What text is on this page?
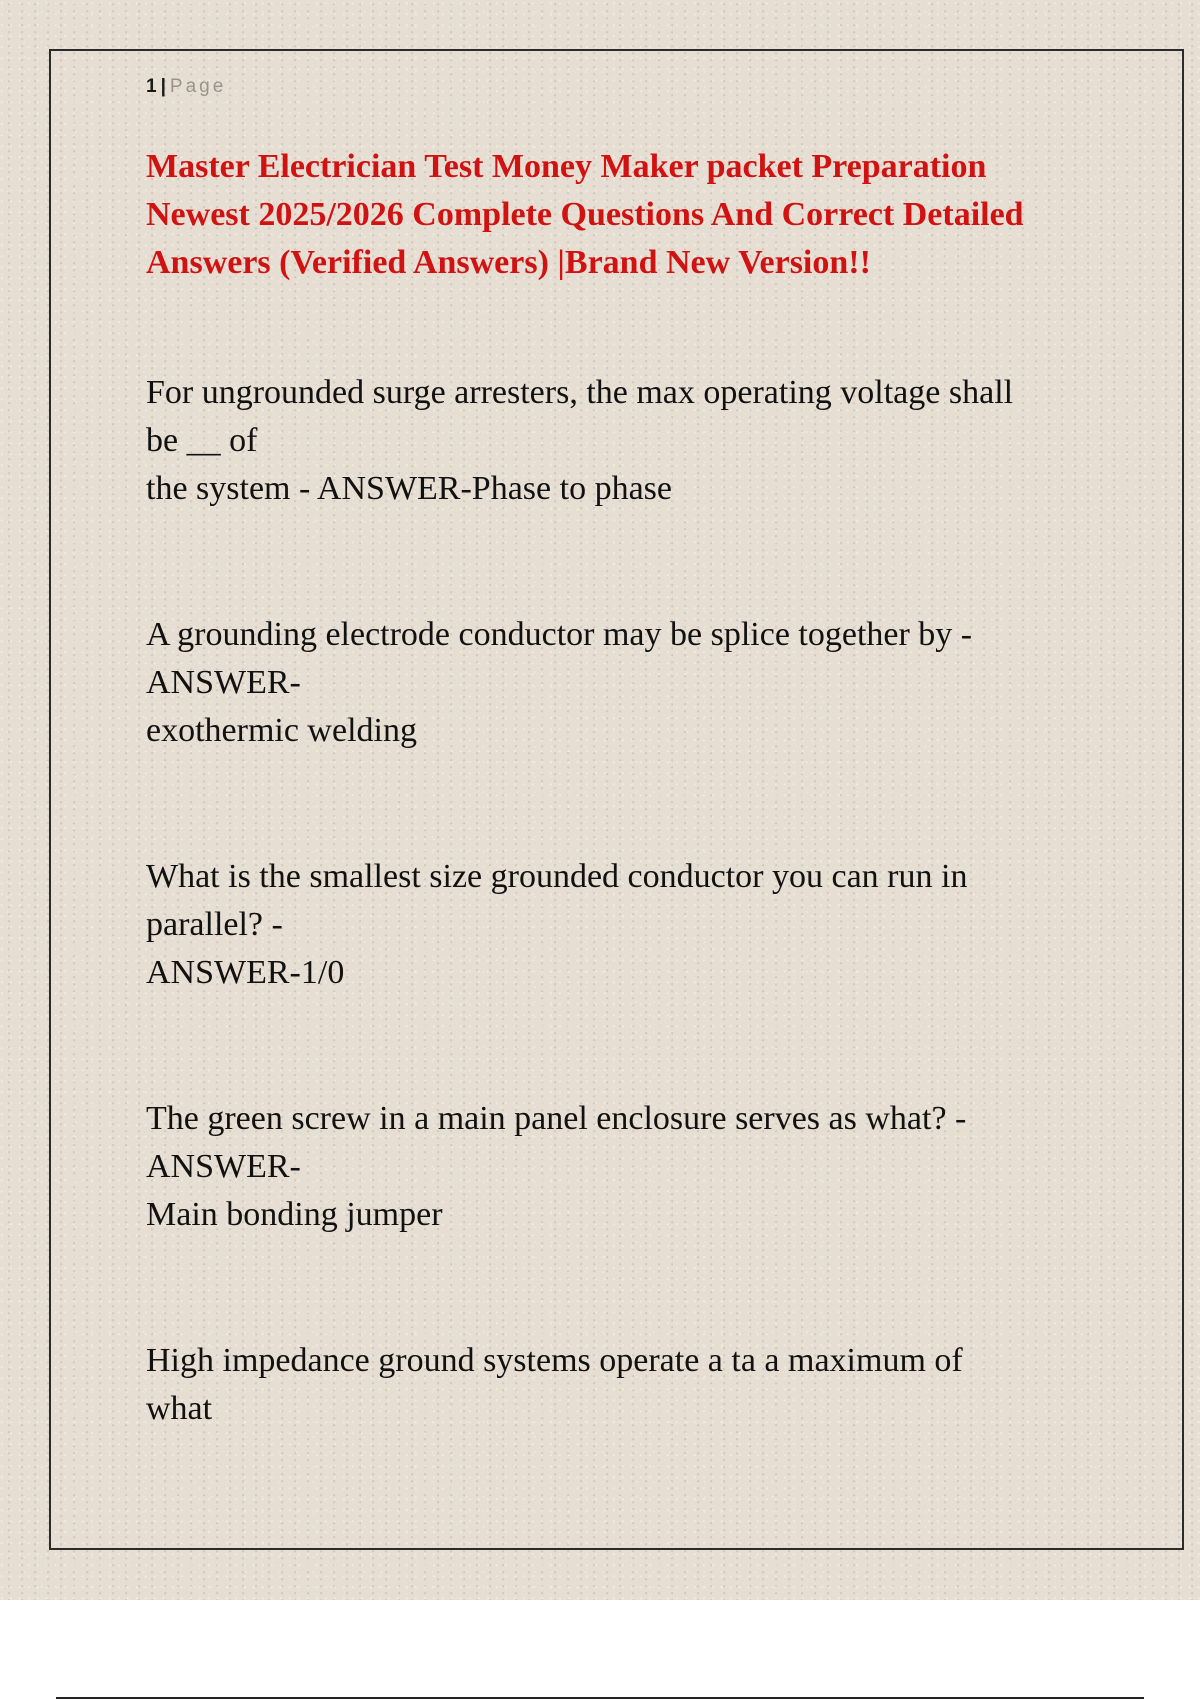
1 | Page
Master Electrician Test Money Maker packet Preparation
Newest 2025/2026 Complete Questions And Correct Detailed
Answers (Verified Answers) |Brand New Version!!
For ungrounded surge arresters, the max operating voltage shall
be __ of
the system - ANSWER-Phase to phase
A grounding electrode conductor may be splice together by -
ANSWER-
exothermic welding
What is the smallest size grounded conductor you can run in
parallel? -
ANSWER-1/0
The green screw in a main panel enclosure serves as what? -
ANSWER-
Main bonding jumper
High impedance ground systems operate a ta a maximum of
what
